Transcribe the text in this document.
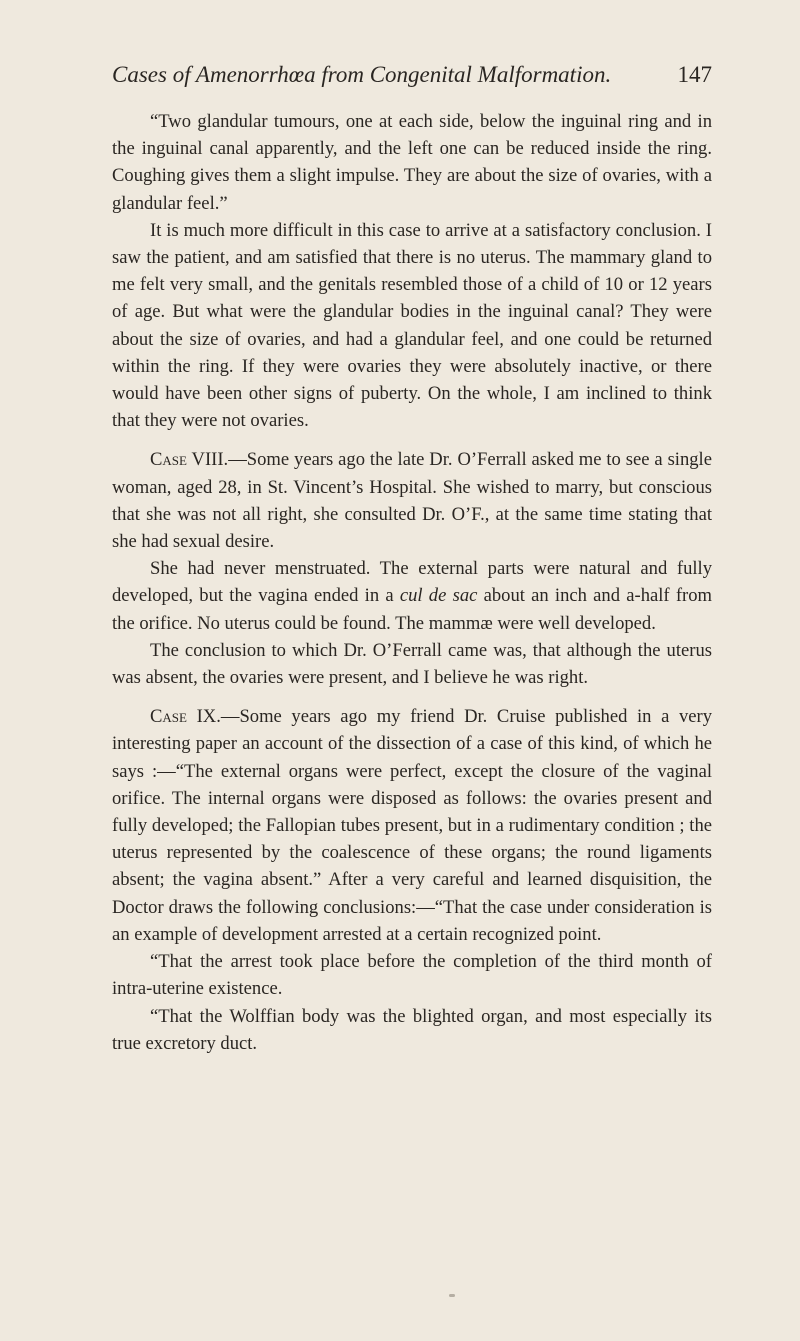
Cases of Amenorrhœa from Congenital Malformation.	147

“Two glandular tumours, one at each side, below the inguinal ring and in the inguinal canal apparently, and the left one can be reduced inside the ring. Coughing gives them a slight impulse. They are about the size of ovaries, with a glandular feel.”

It is much more difficult in this case to arrive at a satisfactory conclusion. I saw the patient, and am satisfied that there is no uterus. The mammary gland to me felt very small, and the genitals resembled those of a child of 10 or 12 years of age. But what were the glandular bodies in the inguinal canal? They were about the size of ovaries, and had a glandular feel, and one could be returned within the ring. If they were ovaries they were absolutely inactive, or there would have been other signs of puberty. On the whole, I am inclined to think that they were not ovaries.

Case VIII.—Some years ago the late Dr. O’Ferrall asked me to see a single woman, aged 28, in St. Vincent’s Hospital. She wished to marry, but conscious that she was not all right, she consulted Dr. O’F., at the same time stating that she had sexual desire.

She had never menstruated. The external parts were natural and fully developed, but the vagina ended in a cul de sac about an inch and a-half from the orifice. No uterus could be found. The mammæ were well developed.

The conclusion to which Dr. O’Ferrall came was, that although the uterus was absent, the ovaries were present, and I believe he was right.

Case IX.—Some years ago my friend Dr. Cruise published in a very interesting paper an account of the dissection of a case of this kind, of which he says :—“The external organs were perfect, except the closure of the vaginal orifice. The internal organs were disposed as follows: the ovaries present and fully developed; the Fallopian tubes present, but in a rudimentary condition ; the uterus represented by the coalescence of these organs; the round ligaments absent; the vagina absent.” After a very careful and learned disquisition, the Doctor draws the following conclusions:—“That the case under consideration is an example of development arrested at a certain recognized point.

“That the arrest took place before the completion of the third month of intra-uterine existence.

“That the Wolffian body was the blighted organ, and most especially its true excretory duct.
